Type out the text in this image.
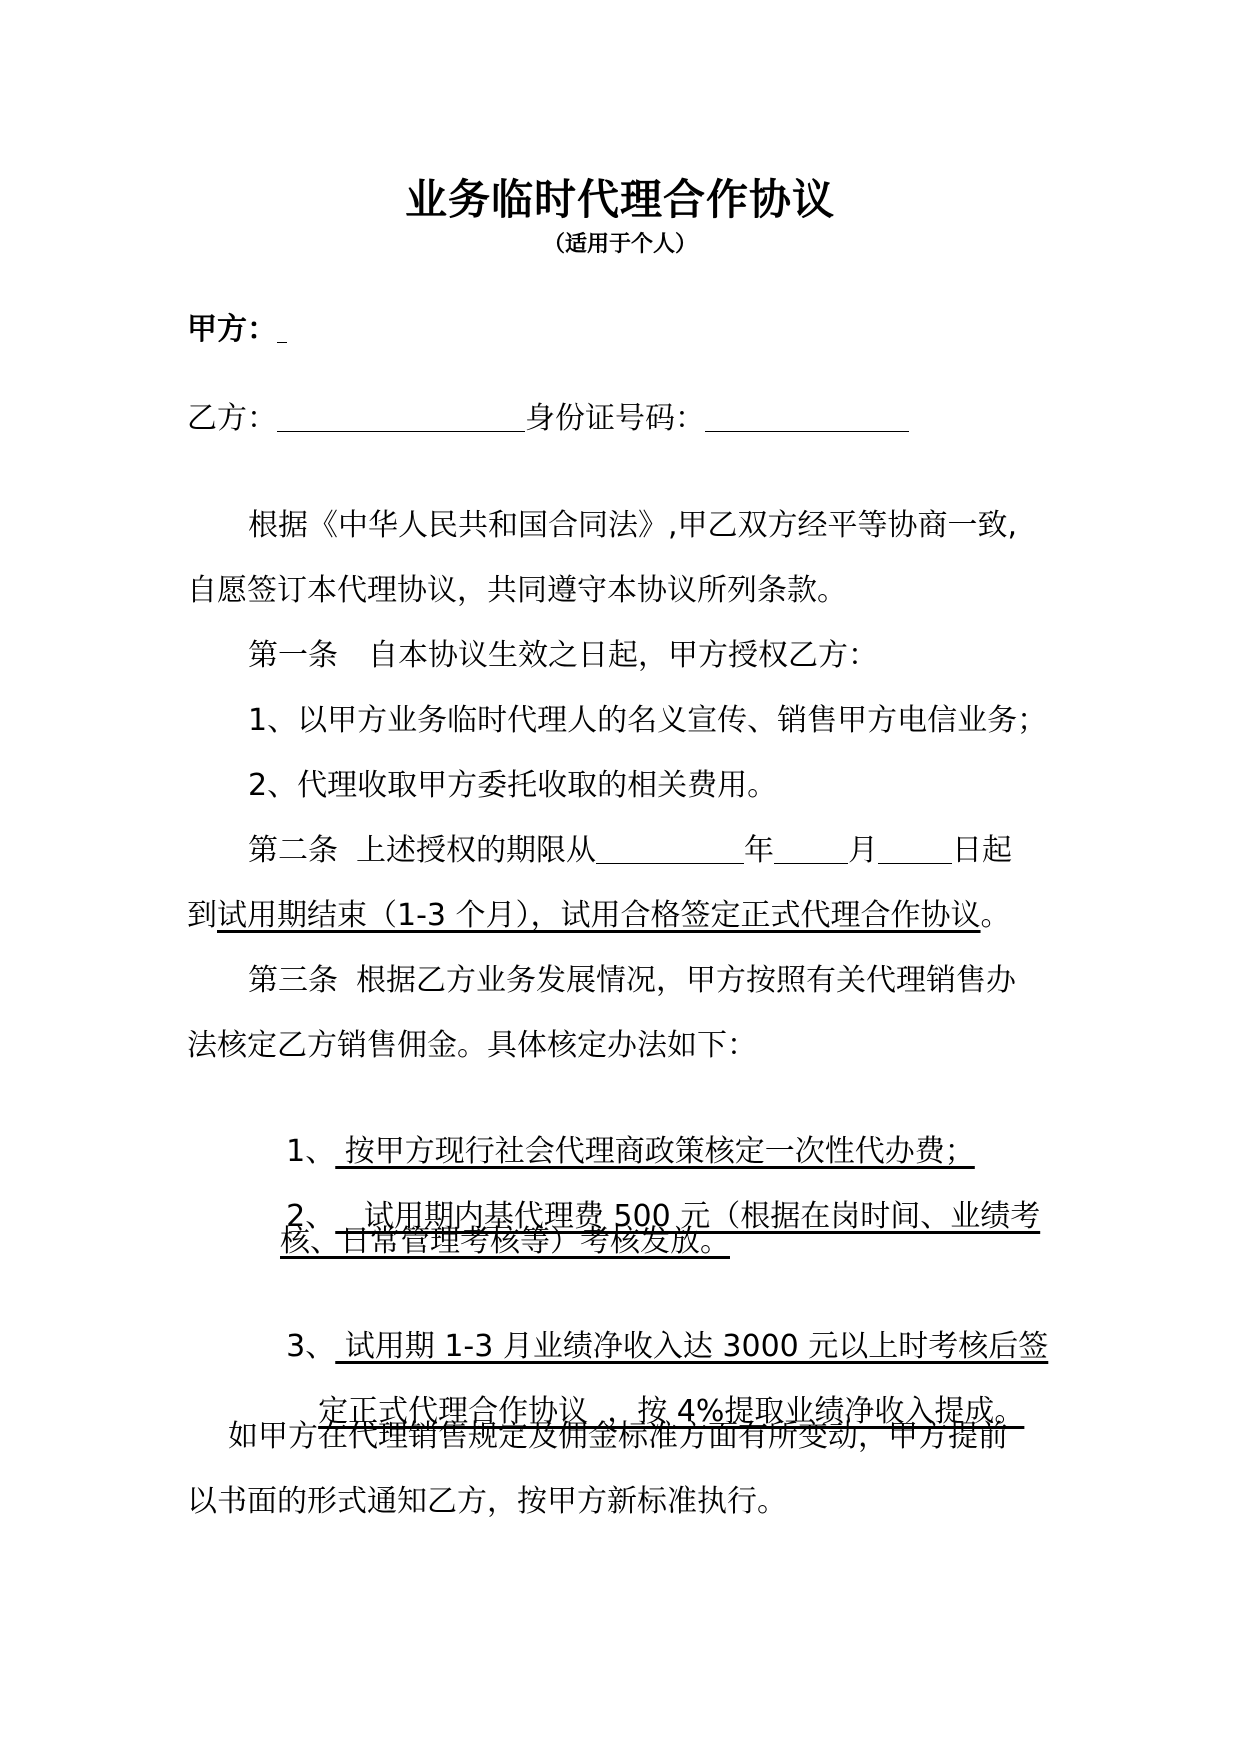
业务临时代理合作协议
（适用于个人）
甲方：
乙方：	身份证号码：
根据《中华人民共和国合同法》,甲乙双方经平等协商一致,
自愿签订本代理协议，共同遵守本协议所列条款。
第一条 自本协议生效之日起，甲方授权乙方：
1、以甲方业务临时代理人的名义宣传、销售甲方电信业务；
2、代理收取甲方委托收取的相关费用。
第二条 上述授权的期限从	年 月 日起
到试用期结束（1-3 个月），试用合格签定正式代理合作协议。
第三条 根据乙方业务发展情况，甲方按照有关代理销售办
法核定乙方销售佣金。具体核定办法如下：

1、 按甲方现行社会代理商政策核定一次性代办费；

2、   试用期内基代理费 500 元（根据在岗时间、业绩考

核、日常管理考核等）考核发放。

3、 试用期 1-3 月业绩净收入达 3000 元以上时考核后签

定正式代理合作协议  ，按 4%提取业绩净收入提成。

如甲方在代理销售规定及佣金标准方面有所变动，甲方提前
以书面的形式通知乙方，按甲方新标准执行。
